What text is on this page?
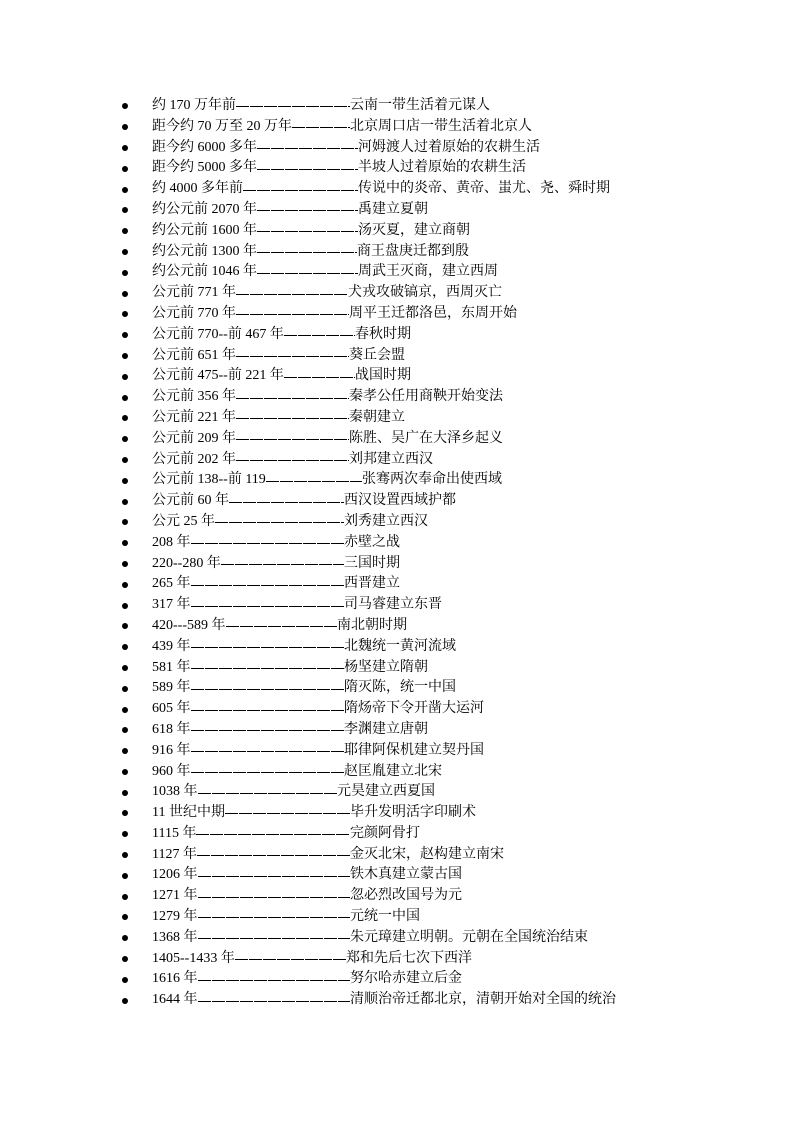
约 170 万年前	云南一带生活着元谋人
距今约 70 万至 20 万年	北京周口店一带生活着北京人
距今约 6000 多年	河姆渡人过着原始的农耕生活
距今约 5000 多年	半坡人过着原始的农耕生活
约 4000 多年前	传说中的炎帝、黄帝、蚩尤、尧、舜时期
约公元前 2070 年	禹建立夏朝
约公元前 1600 年	汤灭夏，建立商朝
约公元前 1300 年	商王盘庚迁都到殷
约公元前 1046 年	周武王灭商，建立西周
公元前 771 年	犬戎攻破镐京，西周灭亡
公元前 770 年	周平王迁都洛邑，东周开始
公元前 770--前 467 年	春秋时期
公元前 651 年	葵丘会盟
公元前 475--前 221 年	战国时期
公元前 356 年	秦孝公任用商鞅开始变法
公元前 221 年	秦朝建立
公元前 209 年	陈胜、吴广在大泽乡起义
公元前 202 年	刘邦建立西汉
公元前 138--前 119	张骞两次奉命出使西域
公元前 60 年	西汉设置西域护都
公元 25 年	刘秀建立西汉
208 年	赤壁之战
220--280 年	三国时期
265 年	西晋建立
317 年	司马睿建立东晋
420---589 年	南北朝时期
439 年	北魏统一黄河流域
581 年	杨坚建立隋朝
589 年	隋灭陈，统一中国
605 年	隋炀帝下令开凿大运河
618 年	李渊建立唐朝
916 年	耶律阿保机建立契丹国
960 年	赵匡胤建立北宋
1038 年	元昊建立西夏国
11 世纪中期	毕升发明活字印刷术
1115 年	完颜阿骨打
1127 年	金灭北宋，赵构建立南宋
1206 年	铁木真建立蒙古国
1271 年	忽必烈改国号为元
1279 年	元统一中国
1368 年	朱元璋建立明朝。元朝在全国统治结束
1405--1433 年	郑和先后七次下西洋
1616 年	努尔哈赤建立后金
1644 年	清顺治帝迁都北京，清朝开始对全国的统治
